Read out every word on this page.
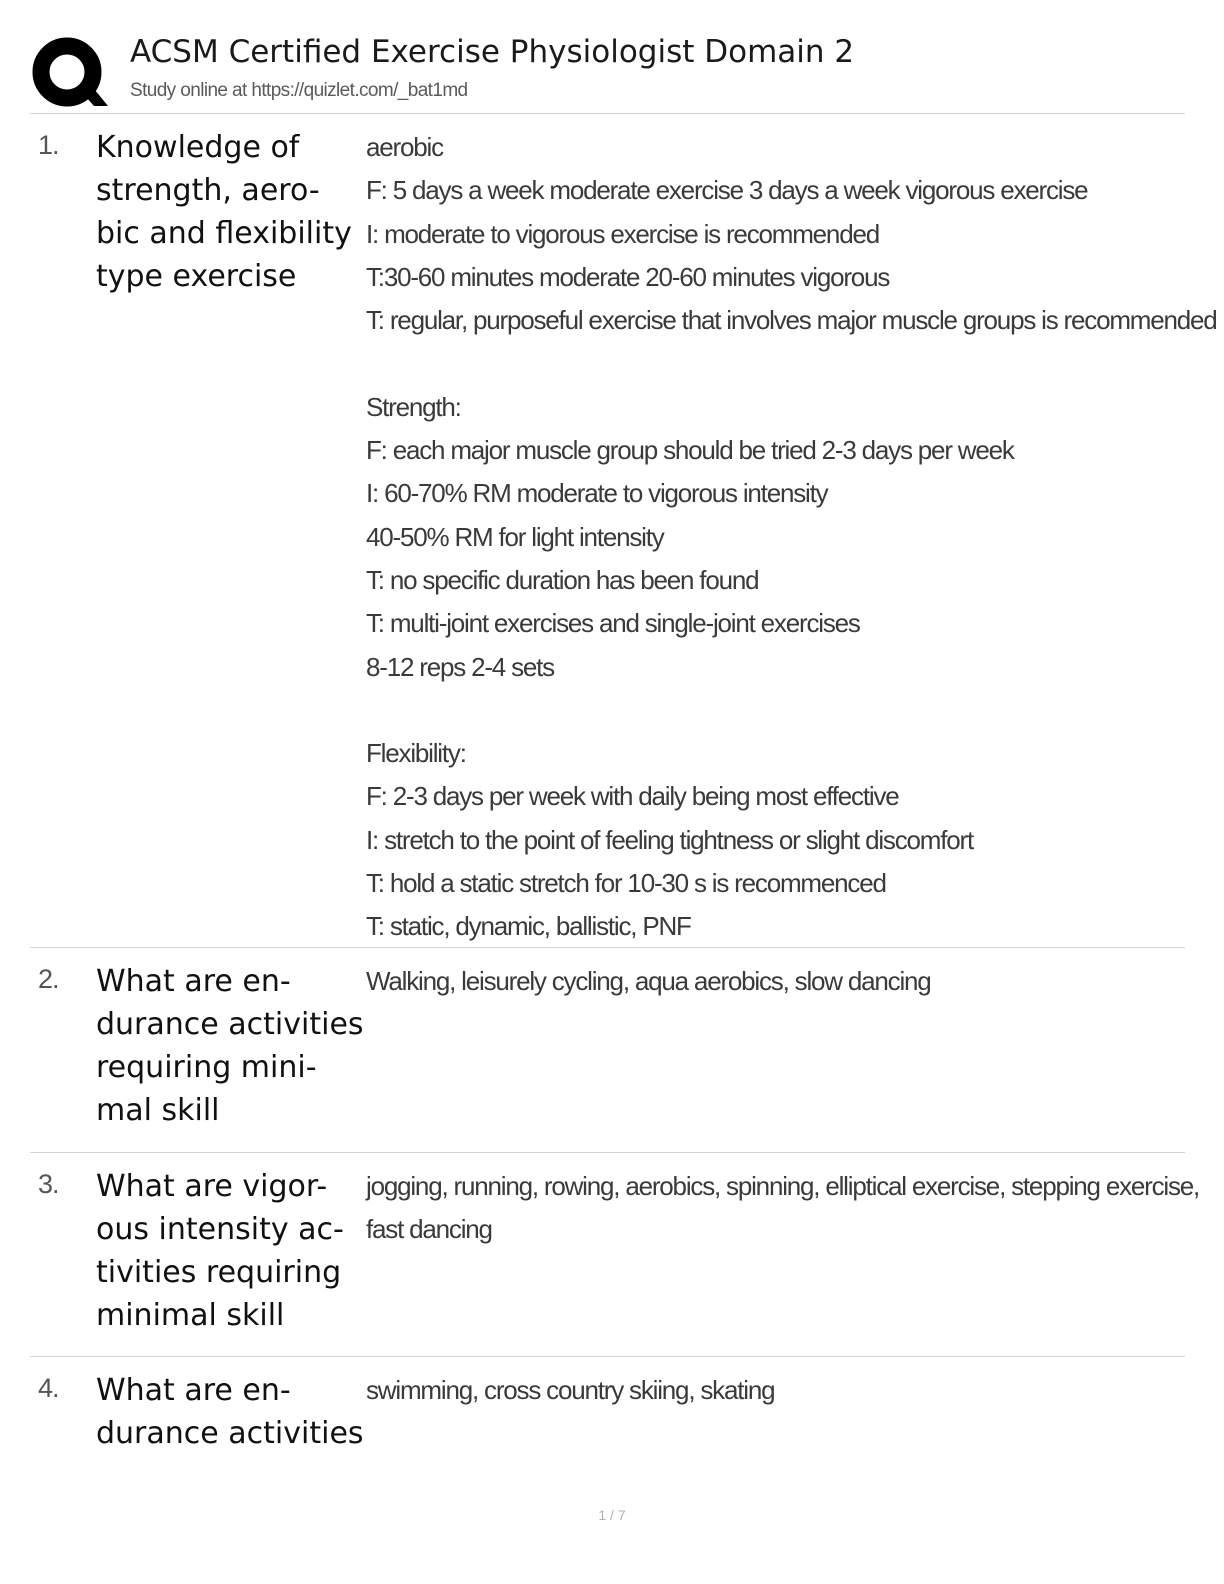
ACSM Certified Exercise Physiologist Domain 2
Study online at https://quizlet.com/_bat1md
1. Knowledge of
strength, aero-
bic and flexibility
type exercise
aerobic
F: 5 days a week moderate exercise 3 days a week vigorous exercise
I: moderate to vigorous exercise is recommended
T:30-60 minutes moderate 20-60 minutes vigorous
T: regular, purposeful exercise that involves major muscle groups is recommended
Strength:
F: each major muscle group should be tried 2-3 days per week
I: 60-70% RM moderate to vigorous intensity
40-50% RM for light intensity
T: no specific duration has been found
T: multi-joint exercises and single-joint exercises
8-12 reps 2-4 sets
Flexibility:
F: 2-3 days per week with daily being most effective
I: stretch to the point of feeling tightness or slight discomfort
T: hold a static stretch for 10-30 s is recommenced
T: static, dynamic, ballistic, PNF
2. What are en-
durance activities
requiring mini-
mal skill
Walking, leisurely cycling, aqua aerobics, slow dancing
3. What are vigor-
ous intensity ac-
tivities requiring
minimal skill
jogging, running, rowing, aerobics, spinning, elliptical exercise, stepping exercise,
fast dancing
4. What are en-
durance activities
swimming, cross country skiing, skating
1 / 7
